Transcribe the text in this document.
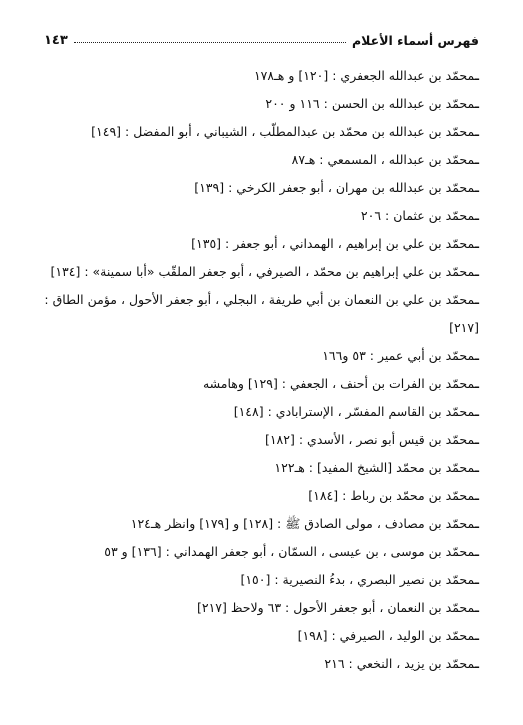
فهرس أسماء الأعلام
١٤٣
ـمحمّد بن عبدالله الجعفري : [١٢٠] و هـ١٧٨
ـمحمّد بن عبدالله بن الحسن : ١١٦ و ٢٠٠
ـمحمّد بن عبدالله بن محمّد بن عبدالمطلّب ، الشيباني ، أبو المفضل : [١٤٩]
ـمحمّد بن عبدالله ، المسمعي : هـ٨٧
ـمحمّد بن عبدالله بن مهران ، أبو جعفر الكرخي : [١٣٩]
ـمحمّد بن عثمان : ٢٠٦
ـمحمّد بن علي بن إبراهيم ، الهمداني ، أبو جعفر : [١٣٥]
ـمحمّد بن علي إبراهيم بن محمّد ، الصيرفي ، أبو جعفر الملقّب «أبا سمينة» : [١٣٤]
ـمحمّد بن علي بن النعمان بن أبي طريفة ، البجلي ، أبو جعفر الأحول ، مؤمن الطاق : [٢١٧]
ـمحمّد بن أبي عمير : ٥٣ و١٦٦
ـمحمّد بن الفرات بن أحنف ، الجعفي : [١٢٩] وهامشه
ـمحمّد بن القاسم المفسّر ، الإسترابادي : [١٤٨]
ـمحمّد بن قيس أبو نصر ، الأسدي : [١٨٢]
ـمحمّد بن محمّد [الشيخ المفيد] : هـ١٢٢
ـمحمّد بن محمّد بن رباط : [١٨٤]
ـمحمّد بن مصادف ، مولى الصادق ﷺ : [١٢٨] و [١٧٩] وانظر هـ١٢٤
ـمحمّد بن موسى ، بن عيسى ، السمّان ، أبو جعفر الهمداني : [١٣٦] و ٥٣
ـمحمّد بن نصير البصري ، بدءُ النصيرية : [١٥٠]
ـمحمّد بن النعمان ، أبو جعفر الأحول : ٦٣ ولاحظ [٢١٧]
ـمحمّد بن الوليد ، الصيرفي : [١٩٨]
ـمحمّد بن يزيد ، النخعي : ٢١٦
